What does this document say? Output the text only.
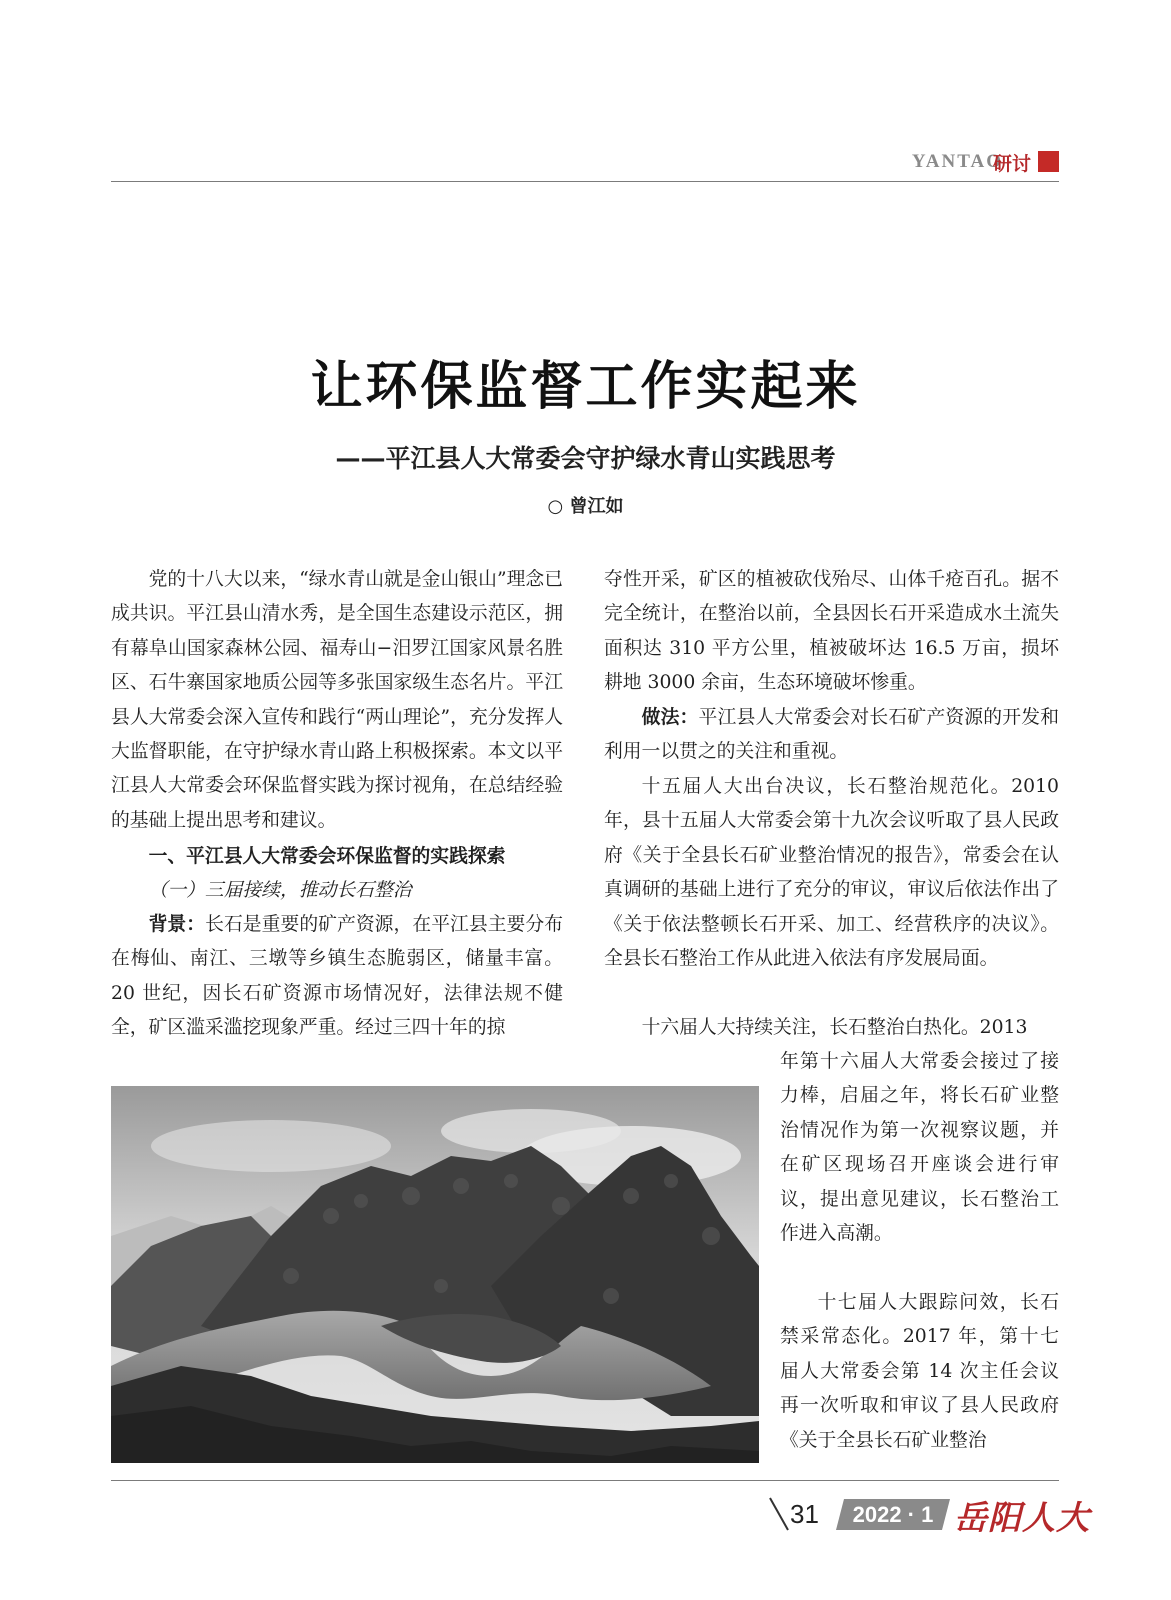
YANTAO
研讨
让环保监督工作实起来
——平江县人大常委会守护绿水青山实践思考
○ 曾江如

党的十八大以来，“绿水青山就是金山银山”理念已成共识。平江县山清水秀，是全国生态建设示范区，拥有幕阜山国家森林公园、福寿山−汨罗江国家风景名胜区、石牛寨国家地质公园等多张国家级生态名片。平江县人大常委会深入宣传和践行“两山理论”，充分发挥人大监督职能，在守护绿水青山路上积极探索。本文以平江县人大常委会环保监督实践为探讨视角，在总结经验的基础上提出思考和建议。

一、平江县人大常委会环保监督的实践探索

（一）三届接续，推动长石整治

背景：长石是重要的矿产资源，在平江县主要分布在梅仙、南江、三墩等乡镇生态脆弱区，储量丰富。20 世纪，因长石矿资源市场情况好，法律法规不健全，矿区滥采滥挖现象严重。经过三四十年的掠

夺性开采，矿区的植被砍伐殆尽、山体千疮百孔。据不完全统计，在整治以前，全县因长石开采造成水土流失面积达 310 平方公里，植被破坏达 16.5 万亩，损坏耕地 3000 余亩，生态环境破坏惨重。

做法：平江县人大常委会对长石矿产资源的开发和利用一以贯之的关注和重视。

十五届人大出台决议，长石整治规范化。2010 年，县十五届人大常委会第十九次会议听取了县人民政府《关于全县长石矿业整治情况的报告》，常委会在认真调研的基础上进行了充分的审议，审议后依法作出了《关于依法整顿长石开采、加工、经营秩序的决议》。全县长石整治工作从此进入依法有序发展局面。

十六届人大持续关注，长石整治白热化。2013

年第十六届人大常委会接过了接力棒，启届之年，将长石矿业整治情况作为第一次视察议题，并在矿区现场召开座谈会进行审议，提出意见建议，长石整治工作进入高潮。

十七届人大跟踪问效，长石禁采常态化。2017 年，第十七届人大常委会第 14 次主任会议再一次听取和审议了县人民政府《关于全县长石矿业整治

31	2022 · 1 岳阳人大
